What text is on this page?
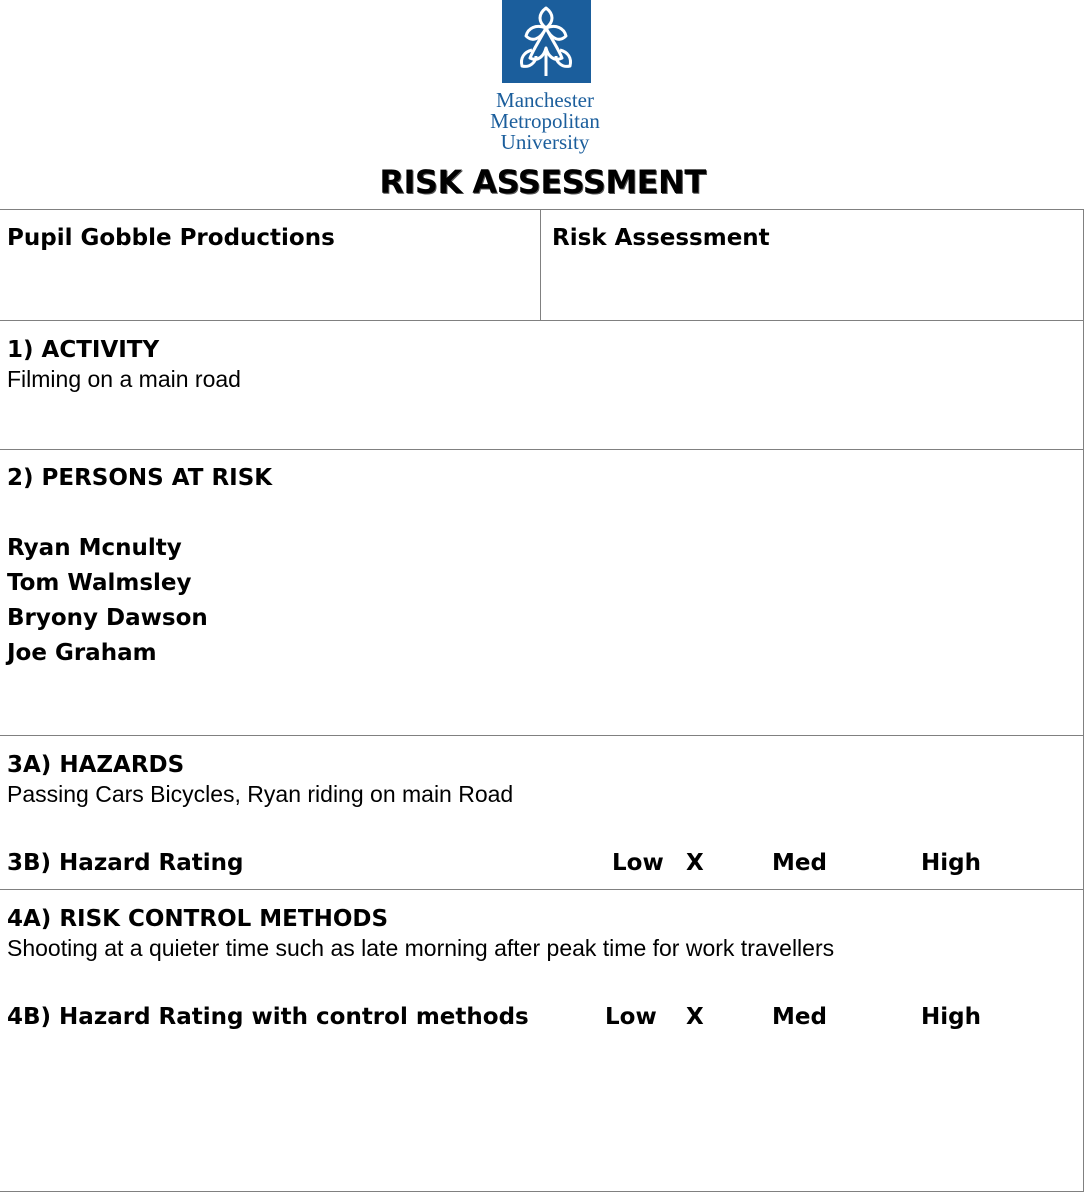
Manchester
Metropolitan
University
RISK ASSESSMENT
Pupil Gobble Productions	Risk Assessment
1) ACTIVITY
Filming on a main road
2) PERSONS AT RISK
Ryan Mcnulty
Tom Walmsley
Bryony Dawson
Joe Graham
3A) HAZARDS
Passing Cars Bicycles, Ryan riding on main Road
3B) Hazard Rating	Low X	Med	High
4A) RISK CONTROL METHODS
Shooting at a quieter time such as late morning after peak time for work travellers
4B) Hazard Rating with control methods	Low X	Med	High
